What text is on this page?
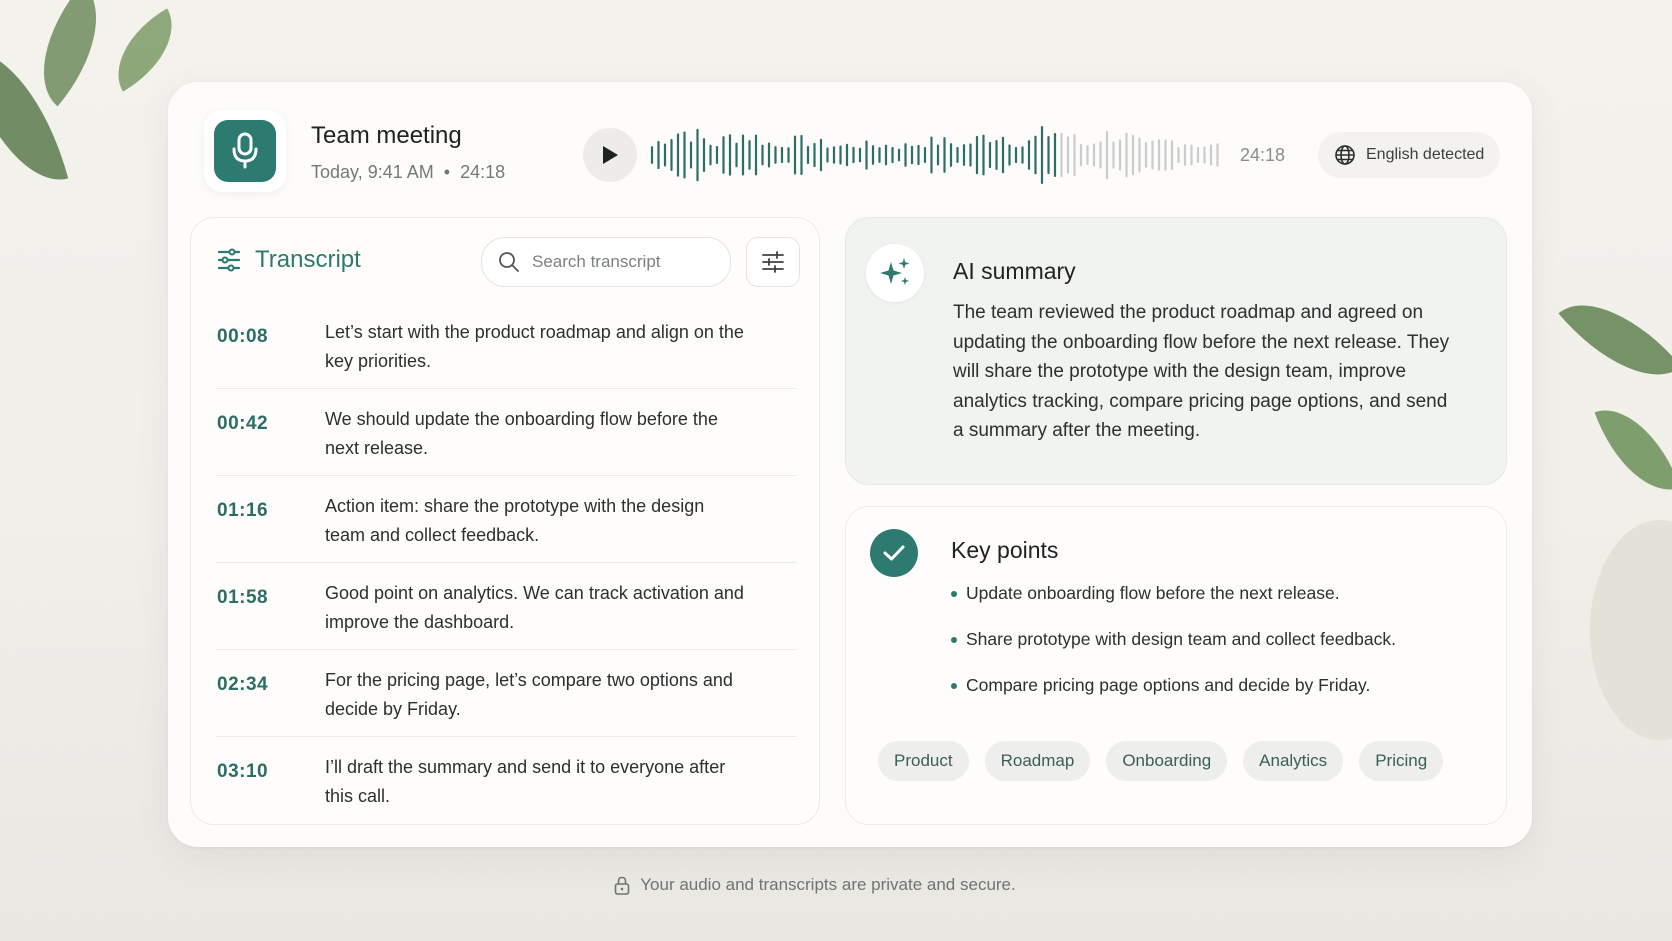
Team meeting
Today, 9:41 AM • 24:18
24:18	English detected
Transcript
Search transcript
00:08	Let’s start with the product roadmap and align on the key priorities.
00:42	We should update the onboarding flow before the next release.
01:16	Action item: share the prototype with the design team and collect feedback.
01:58	Good point on analytics. We can track activation and improve the dashboard.
02:34	For the pricing page, let’s compare two options and decide by Friday.
03:10	I’ll draft the summary and send it to everyone after this call.
AI summary
The team reviewed the product roadmap and agreed on updating the onboarding flow before the next release. They will share the prototype with the design team, improve analytics tracking, compare pricing page options, and send a summary after the meeting.
Key points
Update onboarding flow before the next release.
Share prototype with design team and collect feedback.
Compare pricing page options and decide by Friday.
Product	Roadmap	Onboarding	Analytics	Pricing
Your audio and transcripts are private and secure.
